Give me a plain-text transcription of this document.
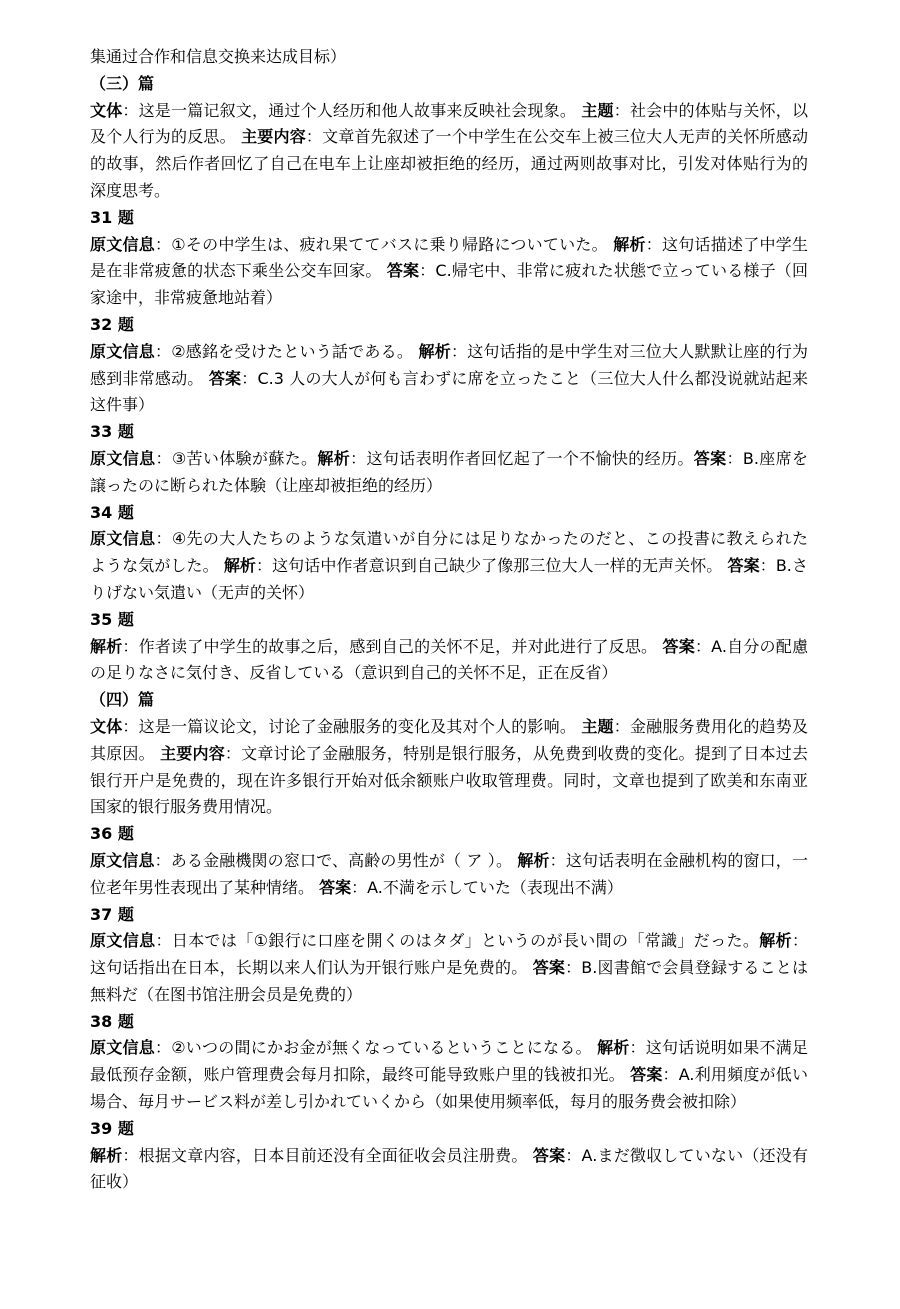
集通过合作和信息交换来达成目标）

（三）篇

文体：这是一篇记叙文，通过个人经历和他人故事来反映社会现象。 主题：社会中的体贴与关怀，以及个人行为的反思。 主要内容：文章首先叙述了一个中学生在公交车上被三位大人无声的关怀所感动的故事，然后作者回忆了自己在电车上让座却被拒绝的经历，通过两则故事对比，引发对体贴行为的深度思考。

31 题

原文信息：①その中学生は、疲れ果ててバスに乗り帰路についていた。 解析：这句话描述了中学生是在非常疲惫的状态下乘坐公交车回家。 答案：C.帰宅中、非常に疲れた状態で立っている様子（回家途中，非常疲惫地站着）

32 题

原文信息：②感銘を受けたという話である。 解析：这句话指的是中学生对三位大人默默让座的行为感到非常感动。 答案：C.3 人の大人が何も言わずに席を立ったこと（三位大人什么都没说就站起来这件事）

33 题

原文信息：③苦い体験が蘇た。解析：这句话表明作者回忆起了一个不愉快的经历。答案：B.座席を譲ったのに断られた体験（让座却被拒绝的经历）

34 题

原文信息：④先の大人たちのような気遣いが自分には足りなかったのだと、この投書に教えられたような気がした。 解析：这句话中作者意识到自己缺少了像那三位大人一样的无声关怀。 答案：B.さりげない気遣い（无声的关怀）

35 题

解析：作者读了中学生的故事之后，感到自己的关怀不足，并对此进行了反思。 答案：A.自分の配慮の足りなさに気付き、反省している（意识到自己的关怀不足，正在反省）

（四）篇

文体：这是一篇议论文，讨论了金融服务的变化及其对个人的影响。 主题：金融服务费用化的趋势及其原因。 主要内容：文章讨论了金融服务，特别是银行服务，从免费到收费的变化。提到了日本过去银行开户是免费的，现在许多银行开始对低余额账户收取管理费。同时，文章也提到了欧美和东南亚国家的银行服务费用情况。

36 题

原文信息：ある金融機関の窓口で、高齢の男性が（ ア ）。 解析：这句话表明在金融机构的窗口，一位老年男性表现出了某种情绪。 答案：A.不満を示していた（表现出不满）

37 题

原文信息：日本では「①銀行に口座を開くのはタダ」というのが長い間の「常識」だった。解析：这句话指出在日本，长期以来人们认为开银行账户是免费的。 答案：B.図書館で会員登録することは無料だ（在图书馆注册会员是免费的）

38 题

原文信息：②いつの間にかお金が無くなっているということになる。 解析：这句话说明如果不满足最低预存金额，账户管理费会每月扣除，最终可能导致账户里的钱被扣光。 答案：A.利用頻度が低い場合、毎月サービス料が差し引かれていくから（如果使用频率低，每月的服务费会被扣除）

39 题

解析：根据文章内容，日本目前还没有全面征收会员注册费。 答案：A.まだ徴収していない（还没有征收）
